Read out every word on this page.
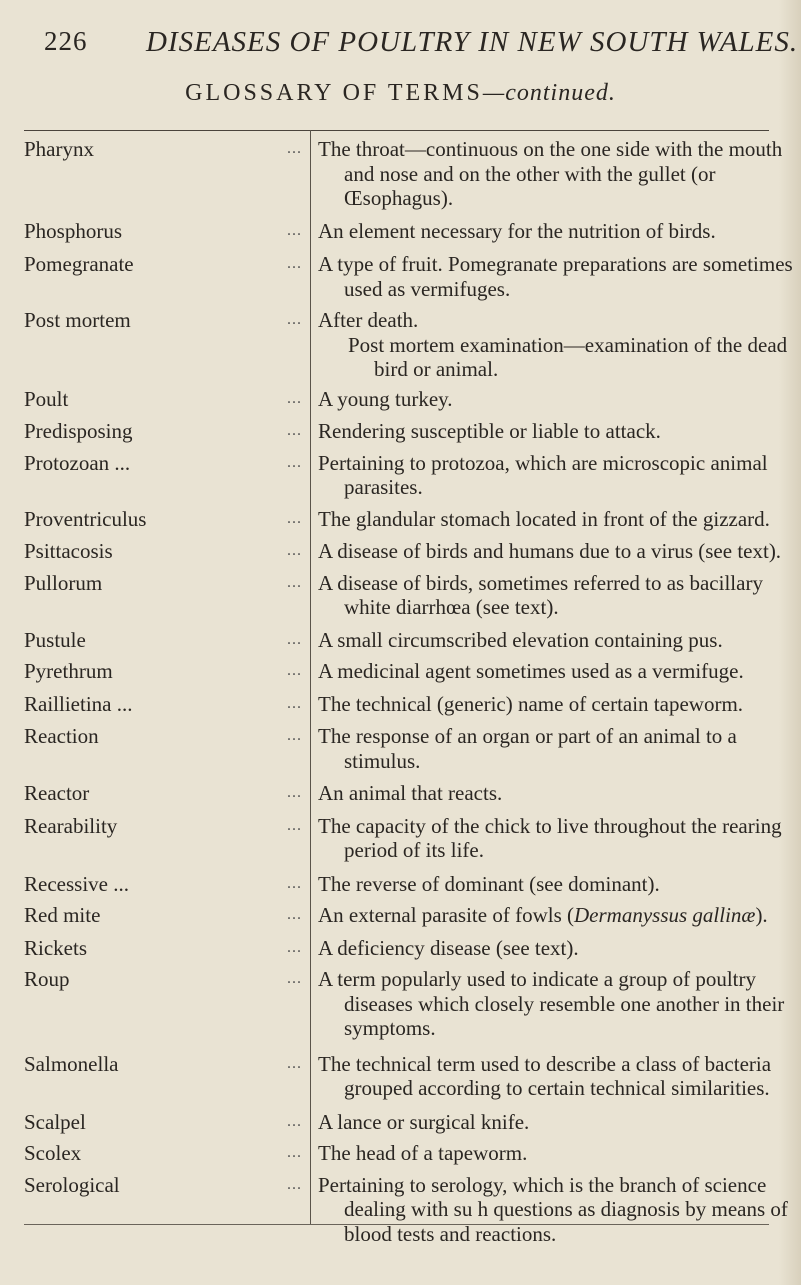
226 DISEASES OF POULTRY IN NEW SOUTH WALES.
GLOSSARY OF TERMS—continued.
Pharynx	... The throat—continuous on the one side with the mouth and nose and on the other with the gullet (or Œsophagus).
Phosphorus	... An element necessary for the nutrition of birds.
Pomegranate	... A type of fruit. Pomegranate preparations are sometimes used as vermifuges.
Post mortem	... After death.
Post mortem examination—examination of the dead bird or animal.
Poult	... A young turkey.
Predisposing	... Rendering susceptible or liable to attack.
Protozoan ...	... Pertaining to protozoa, which are microscopic animal parasites.
Proventriculus	... The glandular stomach located in front of the gizzard.
Psittacosis	... A disease of birds and humans due to a virus (see text).
Pullorum	... A disease of birds, sometimes referred to as bacillary white diarrhœa (see text).
Pustule	... A small circumscribed elevation containing pus.
Pyrethrum	... A medicinal agent sometimes used as a vermifuge.
Raillietina ...	... The technical (generic) name of certain tapeworm.
Reaction	... The response of an organ or part of an animal to a stimulus.
Reactor	... An animal that reacts.
Rearability	... The capacity of the chick to live throughout the rearing period of its life.
Recessive ...	... The reverse of dominant (see dominant).
Red mite	... An external parasite of fowls (Dermanyssus gallinæ).
Rickets	... A deficiency disease (see text).
Roup	... A term popularly used to indicate a group of poultry diseases which closely resemble one another in their symptoms.
Salmonella	... The technical term used to describe a class of bacteria grouped according to certain technical similarities.
Scalpel	... A lance or surgical knife.
Scolex	... The head of a tapeworm.
Serological	... Pertaining to serology, which is the branch of science dealing with su h questions as diagnosis by means of blood tests and reactions.
